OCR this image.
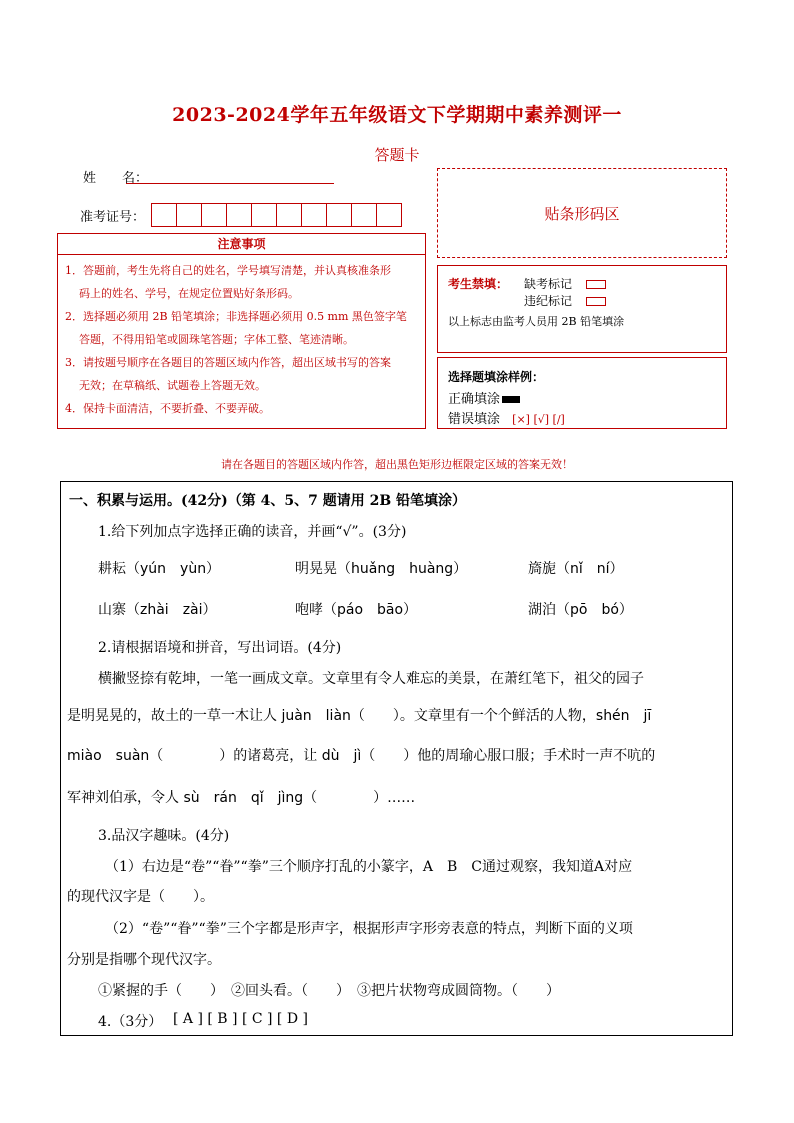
2023-2024学年五年级语文下学期期中素养测评一
答题卡
姓　　名：
准考证号：	贴条形码区
注意事项
1．答题前，考生先将自己的姓名，学号填写清楚，并认真核准条形
码上的姓名、学号，在规定位置贴好条形码。
2．选择题必须用 2B 铅笔填涂；非选择题必须用 0.5 mm 黑色签字笔
答题，不得用铅笔或圆珠笔答题；字体工整、笔迹清晰。
3．请按题号顺序在各题目的答题区域内作答，超出区域书写的答案
无效；在草稿纸、试题卷上答题无效。
4．保持卡面清洁，不要折叠、不要弄破。
考生禁填： 缺考标记
违纪标记
以上标志由监考人员用 2B 铅笔填涂
选择题填涂样例：
正确填涂
错误填涂 [×] [√] [/]
请在各题目的答题区域内作答，超出黑色矩形边框限定区域的答案无效！
一、积累与运用。(42分)（第 4、5、7 题请用 2B 铅笔填涂）
1.给下列加点字选择正确的读音，并画“√”。(3分)
耕耘（yún　yùn）	明晃晃（huǎng　huàng）	旖旎（nǐ　ní）
山寨（zhài　zài）	咆哮（páo　bāo）	湖泊（pō　bó）
2.请根据语境和拼音，写出词语。(4分)
横撇竖捺有乾坤，一笔一画成文章。文章里有令人难忘的美景，在萧红笔下，祖父的园子
是明晃晃的，故土的一草一木让人 juàn　liàn（　　）。文章里有一个个鲜活的人物，shén　jī
miào　suàn（　　　　）的诸葛亮，让 dù　jì（　　）他的周瑜心服口服；手术时一声不吭的
军神刘伯承，令人 sù　rán　qǐ　jìng（　　　　）……
3.品汉字趣味。(4分)
（1）右边是“卷”“眷”“拳”三个顺序打乱的小篆字，A　B　C通过观察，我知道A对应
的现代汉字是（　　）。
（2）“卷”“眷”“拳”三个字都是形声字，根据形声字形旁表意的特点，判断下面的义项
分别是指哪个现代汉字。
①紧握的手（　　）　②回头看。（　　）　③把片状物弯成圆筒物。（　　）
4.（3分） [ A ] [ B ] [ C ] [ D ]
